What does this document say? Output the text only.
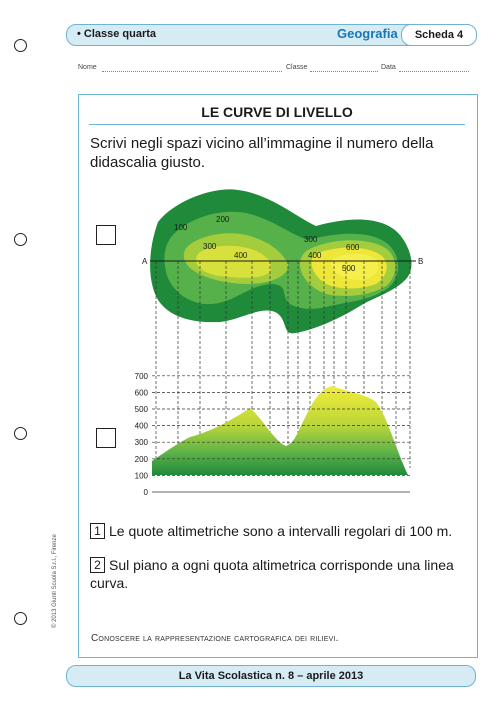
• Classe quarta	Geografia	Scheda 4
Nome	Classe	Data
LE CURVE DI LIVELLO
Scrivi negli spazi vicino all’immagine il numero della didascalia giusto.
A	B
100
200
300
400
300
600
400
500
0
100
200
300
400
500
600
700
1 Le quote altimetriche sono a intervalli regolari di 100 m.
2 Sul piano a ogni quota altimetrica corrisponde una linea curva.
Conoscere la rappresentazione cartografica dei rilievi.
© 2013 Giunti Scuola S.r.l., Firenze
La Vita Scolastica n. 8 – aprile 2013
